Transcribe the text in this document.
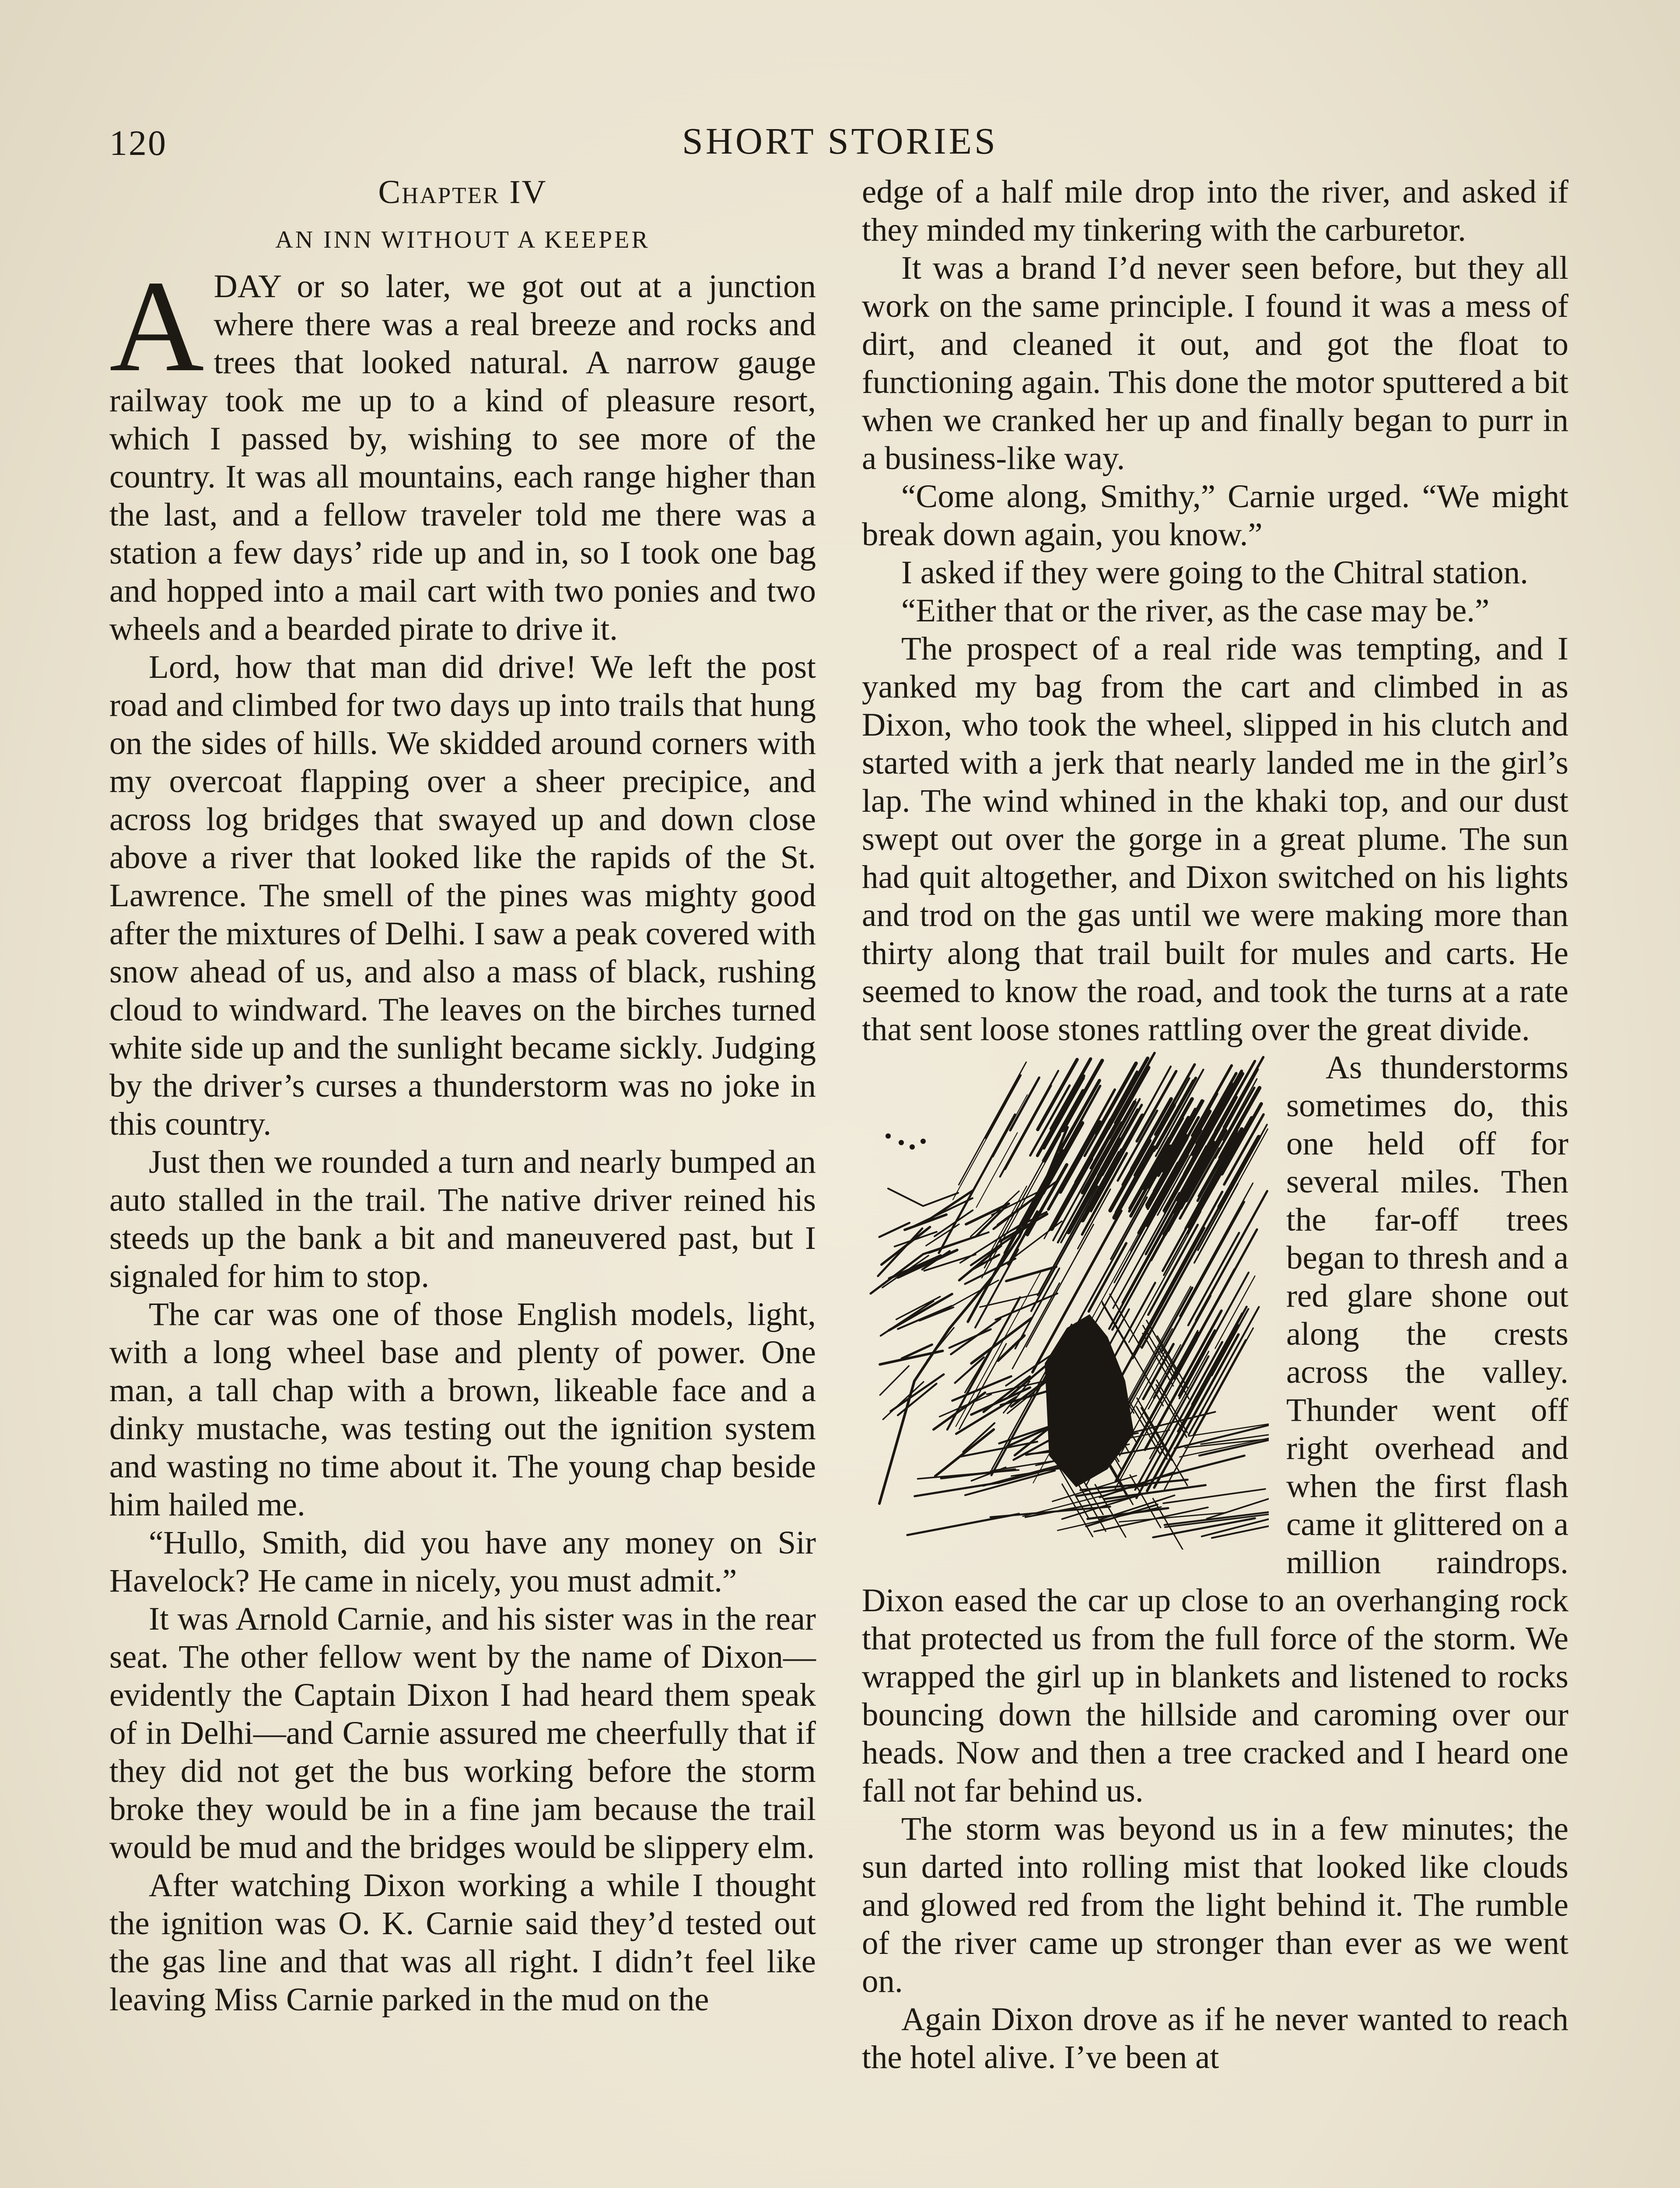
120	SHORT STORIES
Chapter IV
AN INN WITHOUT A KEEPER

ADAY or so later, we got out at a junction where there was a real breeze and rocks and trees that looked natural. A narrow gauge railway took me up to a kind of pleasure resort, which I passed by, wishing to see more of the country. It was all mountains, each range higher than the last, and a fellow traveler told me there was a station a few days’ ride up and in, so I took one bag and hopped into a mail cart with two ponies and two wheels and a bearded pirate to drive it.

Lord, how that man did drive! We left the post road and climbed for two days up into trails that hung on the sides of hills. We skidded around corners with my overcoat flapping over a sheer precipice, and across log bridges that swayed up and down close above a river that looked like the rapids of the St. Lawrence. The smell of the pines was mighty good after the mixtures of Delhi. I saw a peak covered with snow ahead of us, and also a mass of black, rushing cloud to windward. The leaves on the birches turned white side up and the sunlight became sickly. Judging by the driver’s curses a thunderstorm was no joke in this country.

Just then we rounded a turn and nearly bumped an auto stalled in the trail. The native driver reined his steeds up the bank a bit and maneuvered past, but I signaled for him to stop.

The car was one of those English models, light, with a long wheel base and plenty of power. One man, a tall chap with a brown, likeable face and a dinky mustache, was testing out the ignition system and wasting no time about it. The young chap beside him hailed me.

“Hullo, Smith, did you have any money on Sir Havelock? He came in nicely, you must admit.”

It was Arnold Carnie, and his sister was in the rear seat. The other fellow went by the name of Dixon—evidently the Captain Dixon I had heard them speak of in Delhi—and Carnie assured me cheerfully that if they did not get the bus working before the storm broke they would be in a fine jam because the trail would be mud and the bridges would be slippery elm.

After watching Dixon working a while I thought the ignition was O. K. Carnie said they’d tested out the gas line and that was all right. I didn’t feel like leaving Miss Carnie parked in the mud on the

edge of a half mile drop into the river, and asked if they minded my tinkering with the carburetor.

It was a brand I’d never seen before, but they all work on the same principle. I found it was a mess of dirt, and cleaned it out, and got the float to functioning again. This done the motor sputtered a bit when we cranked her up and finally began to purr in a business-like way.

“Come along, Smithy,” Carnie urged. “We might break down again, you know.”

I asked if they were going to the Chitral station.

“Either that or the river, as the case may be.”

The prospect of a real ride was tempting, and I yanked my bag from the cart and climbed in as Dixon, who took the wheel, slipped in his clutch and started with a jerk that nearly landed me in the girl’s lap. The wind whined in the khaki top, and our dust swept out over the gorge in a great plume. The sun had quit altogether, and Dixon switched on his lights and trod on the gas until we were making more than thirty along that trail built for mules and carts. He seemed to know the road, and took the turns at a rate that sent loose stones rattling over the great divide.

As thunderstorms sometimes do, this one held off for several miles. Then the far-off trees began to thresh and a red glare shone out along the crests across the valley. Thunder went off right overhead and when the first flash came it glittered on a million raindrops. Dixon eased the car up close to an overhanging rock that protected us from the full force of the storm. We wrapped the girl up in blankets and listened to rocks bouncing down the hillside and caroming over our heads. Now and then a tree cracked and I heard one fall not far behind us.

The storm was beyond us in a few minutes; the sun darted into rolling mist that looked like clouds and glowed red from the light behind it. The rumble of the river came up stronger than ever as we went on.

Again Dixon drove as if he never wanted to reach the hotel alive. I’ve been at
